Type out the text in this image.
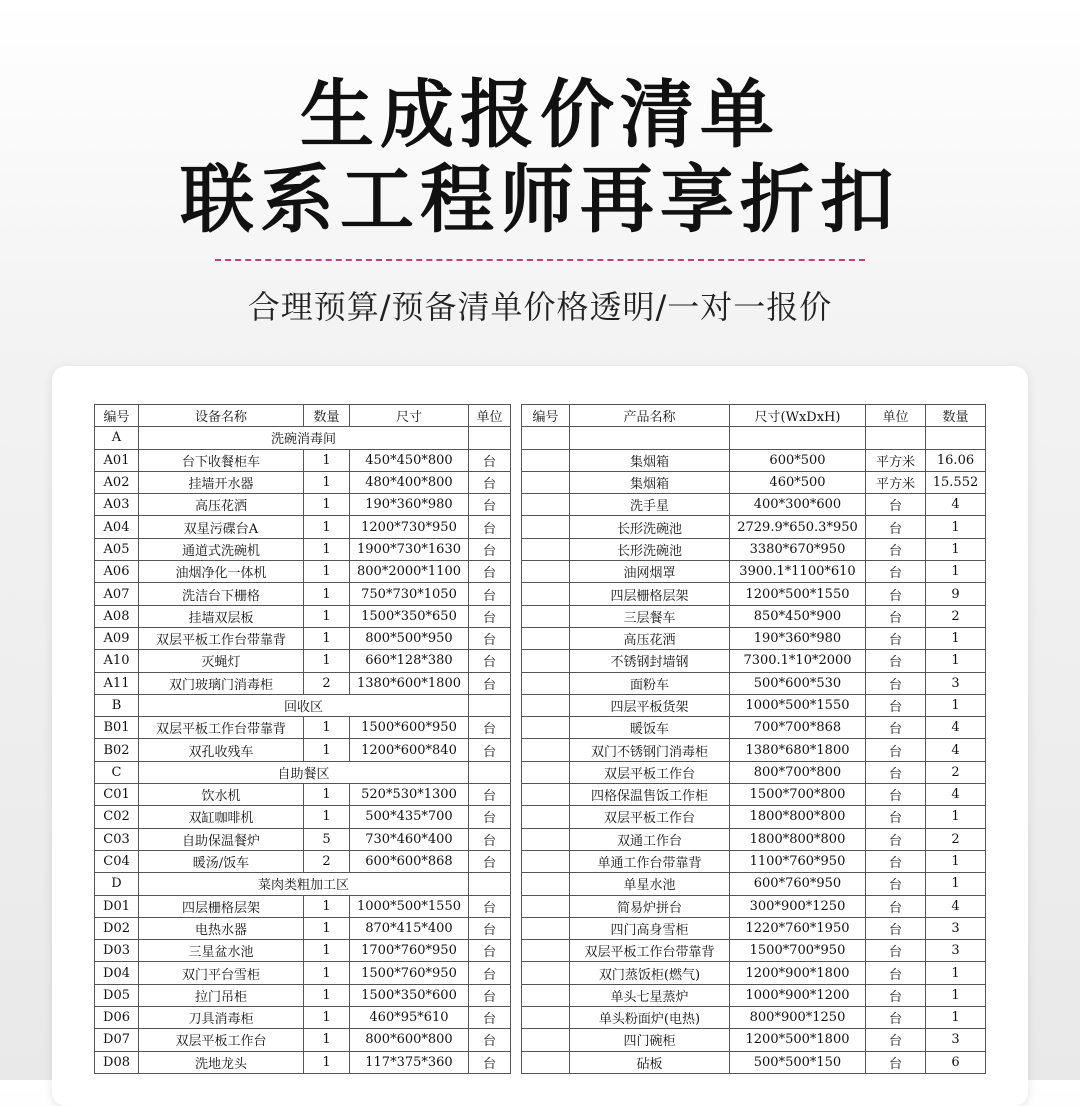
生成报价清单
联系工程师再享折扣
合理预算/预备清单价格透明/一对一报价
编号	设备名称	数量	尺寸	单位
A	洗碗消毒间			
A01	台下收餐柜车	1	450*450*800	台
A02	挂墙开水器	1	480*400*800	台
A03	高压花洒	1	190*360*980	台
A04	双星污碟台A	1	1200*730*950	台
A05	通道式洗碗机	1	1900*730*1630	台
A06	油烟净化一体机	1	800*2000*1100	台
A07	洗洁台下栅格	1	750*730*1050	台
A08	挂墙双层板	1	1500*350*650	台
A09	双层平板工作台带靠背	1	800*500*950	台
A10	灭蝇灯	1	660*128*380	台
A11	双门玻璃门消毒柜	2	1380*600*1800	台
B	回收区			
B01	双层平板工作台带靠背	1	1500*600*950	台
B02	双孔收残车	1	1200*600*840	台
C	自助餐区			
C01	饮水机	1	520*530*1300	台
C02	双缸咖啡机	1	500*435*700	台
C03	自助保温餐炉	5	730*460*400	台
C04	暖汤/饭车	2	600*600*868	台
D	菜肉类粗加工区			
D01	四层栅格层架	1	1000*500*1550	台
D02	电热水器	1	870*415*400	台
D03	三星盆水池	1	1700*760*950	台
D04	双门平台雪柜	1	1500*760*950	台
D05	拉门吊柜	1	1500*350*600	台
D06	刀具消毒柜	1	460*95*610	台
D07	双层平板工作台	1	800*600*800	台
D08	洗地龙头	1	117*375*360	台
编号	产品名称	尺寸(WxDxH)	单位	数量

	集烟箱	600*500	平方米	16.06
	集烟箱	460*500	平方米	15.552
	洗手星	400*300*600	台	4
	长形洗碗池	2729.9*650.3*950	台	1
	长形洗碗池	3380*670*950	台	1
	油网烟罩	3900.1*1100*610	台	1
	四层栅格层架	1200*500*1550	台	9
	三层餐车	850*450*900	台	2
	高压花洒	190*360*980	台	1
	不锈钢封墙钢	7300.1*10*2000	台	1
	面粉车	500*600*530	台	3
	四层平板货架	1000*500*1550	台	1
	暖饭车	700*700*868	台	4
	双门不锈钢门消毒柜	1380*680*1800	台	4
	双层平板工作台	800*700*800	台	2
	四格保温售饭工作柜	1500*700*800	台	4
	双层平板工作台	1800*800*800	台	1
	双通工作台	1800*800*800	台	2
	单通工作台带靠背	1100*760*950	台	1
	单星水池	600*760*950	台	1
	简易炉拼台	300*900*1250	台	4
	四门高身雪柜	1220*760*1950	台	3
	双层平板工作台带靠背	1500*700*950	台	3
	双门蒸饭柜(燃气)	1200*900*1800	台	1
	单头七星蒸炉	1000*900*1200	台	1
	单头粉面炉(电热)	800*900*1250	台	1
	四门碗柜	1200*500*1800	台	3
	砧板	500*500*150	台	6
